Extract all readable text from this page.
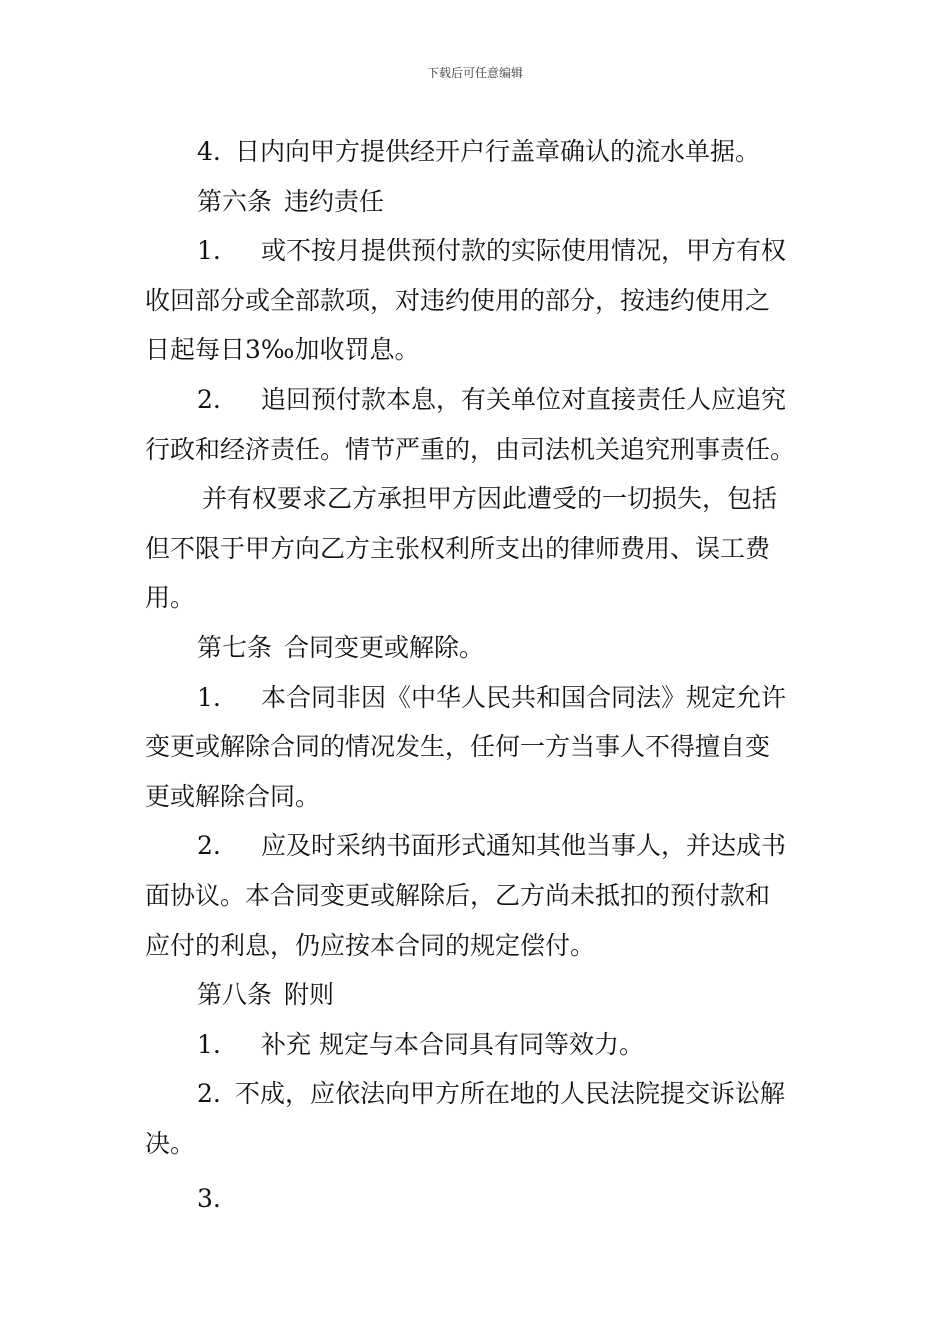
下载后可任意编辑
4. 日内向甲方提供经开户行盖章确认的流水单据。
第六条 违约责任
1. 或不按月提供预付款的实际使用情况，甲方有权
收回部分或全部款项，对违约使用的部分，按违约使用之
日起每日3‰加收罚息。
2. 追回预付款本息，有关单位对直接责任人应追究
行政和经济责任。情节严重的，由司法机关追究刑事责任。
并有权要求乙方承担甲方因此遭受的一切损失，包括
但不限于甲方向乙方主张权利所支出的律师费用、误工费
用。
第七条 合同变更或解除。
1. 本合同非因《中华人民共和国合同法》规定允许
变更或解除合同的情况发生，任何一方当事人不得擅自变
更或解除合同。
2. 应及时采纳书面形式通知其他当事人，并达成书
面协议。本合同变更或解除后，乙方尚未抵扣的预付款和
应付的利息，仍应按本合同的规定偿付。
第八条 附则
1. 补充 规定与本合同具有同等效力。
2. 不成，应依法向甲方所在地的人民法院提交诉讼解
决。
3.
